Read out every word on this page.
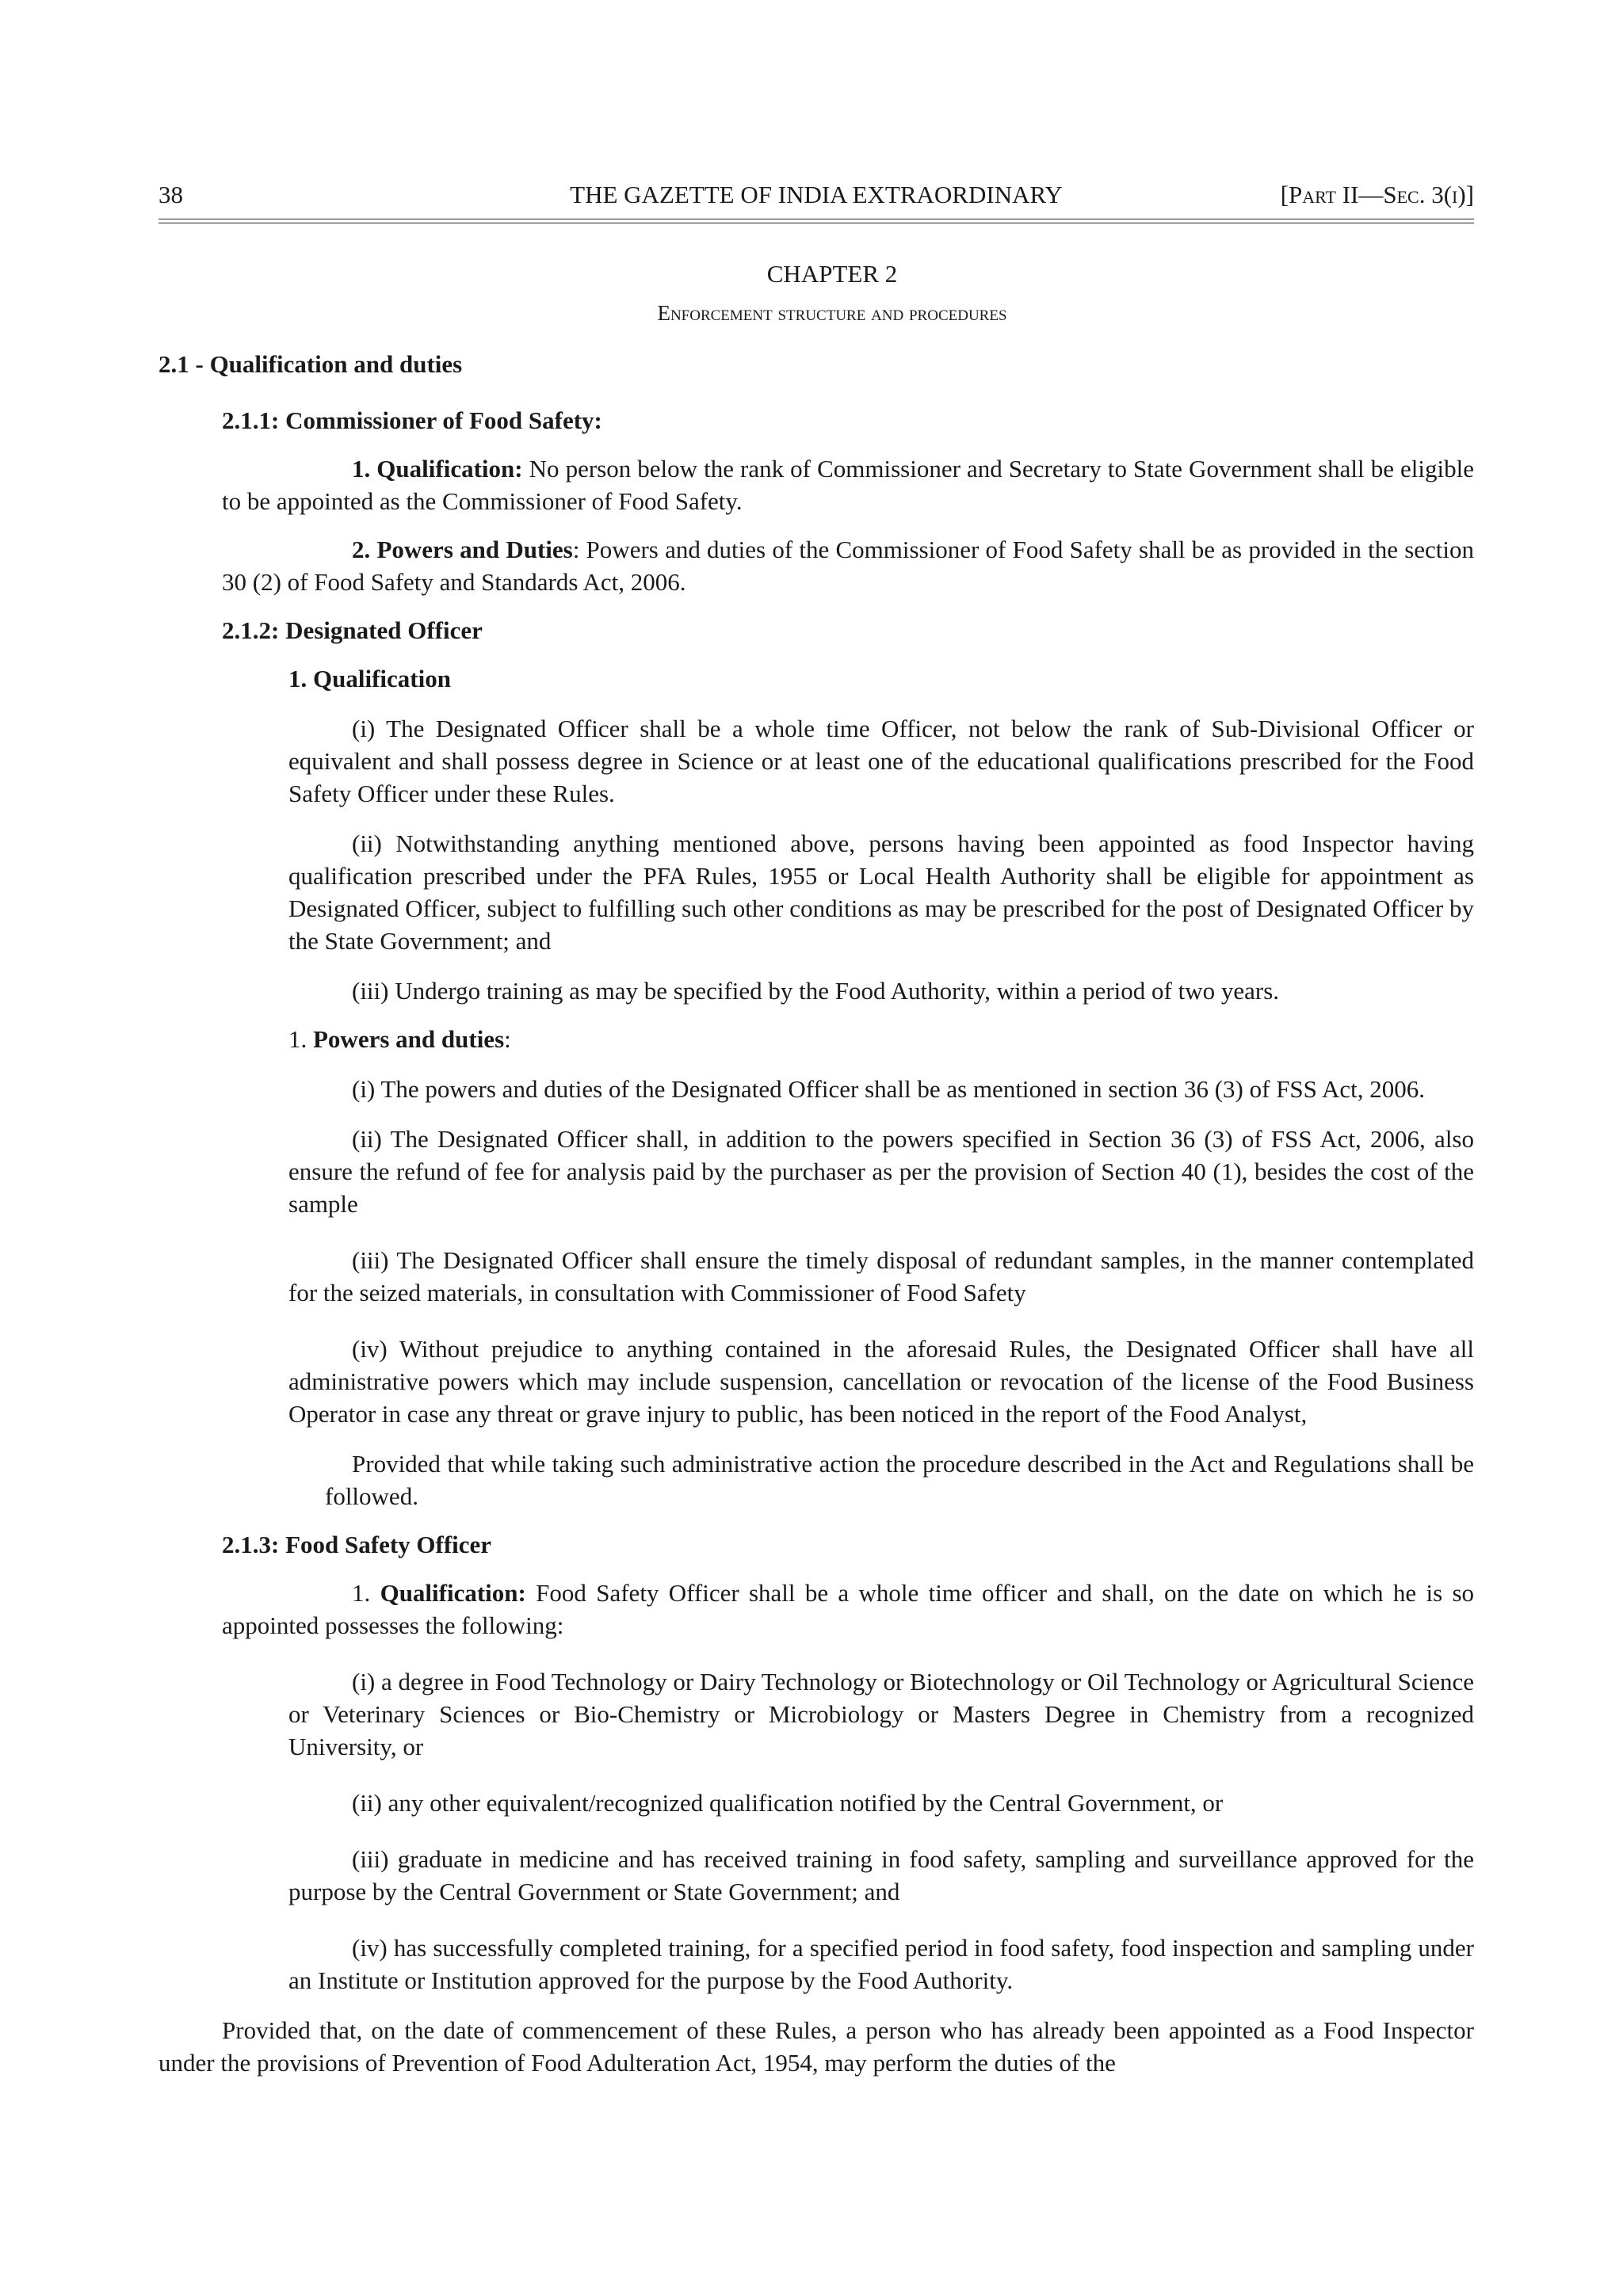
38	THE GAZETTE OF INDIA EXTRAORDINARY	[Part II—Sec. 3(i)]
CHAPTER 2
Enforcement structure and procedures

2.1 - Qualification and duties

2.1.1: Commissioner of Food Safety:

1. Qualification: No person below the rank of Commissioner and Secretary to State Government shall be eligible to be appointed as the Commissioner of Food Safety.

2. Powers and Duties: Powers and duties of the Commissioner of Food Safety shall be as provided in the section 30 (2) of Food Safety and Standards Act, 2006.

2.1.2: Designated Officer

1. Qualification

(i) The Designated Officer shall be a whole time Officer, not below the rank of Sub-Divisional Officer or equivalent and shall possess degree in Science or at least one of the educational qualifications prescribed for the Food Safety Officer under these Rules.

(ii) Notwithstanding anything mentioned above, persons having been appointed as food Inspector having qualification prescribed under the PFA Rules, 1955 or Local Health Authority shall be eligible for appointment as Designated Officer, subject to fulfilling such other conditions as may be prescribed for the post of Designated Officer by the State Government; and

(iii) Undergo training as may be specified by the Food Authority, within a period of two years.

1. Powers and duties:

(i) The powers and duties of the Designated Officer shall be as mentioned in section 36 (3) of FSS Act, 2006.

(ii) The Designated Officer shall, in addition to the powers specified in Section 36 (3) of FSS Act, 2006, also ensure the refund of fee for analysis paid by the purchaser as per the provision of Section 40 (1), besides the cost of the sample

(iii) The Designated Officer shall ensure the timely disposal of redundant samples, in the manner contemplated for the seized materials, in consultation with Commissioner of Food Safety

(iv) Without prejudice to anything contained in the aforesaid Rules, the Designated Officer shall have all administrative powers which may include suspension, cancellation or revocation of the license of the Food Business Operator in case any threat or grave injury to public, has been noticed in the report of the Food Analyst,

Provided that while taking such administrative action the procedure described in the Act and Regulations shall be followed.

2.1.3: Food Safety Officer

1. Qualification: Food Safety Officer shall be a whole time officer and shall, on the date on which he is so appointed possesses the following:

(i) a degree in Food Technology or Dairy Technology or Biotechnology or Oil Technology or Agricultural Science or Veterinary Sciences or Bio-Chemistry or Microbiology or Masters Degree in Chemistry from a recognized University, or

(ii) any other equivalent/recognized qualification notified by the Central Government, or

(iii) graduate in medicine and has received training in food safety, sampling and surveillance approved for the purpose by the Central Government or State Government; and

(iv) has successfully completed training, for a specified period in food safety, food inspection and sampling under an Institute or Institution approved for the purpose by the Food Authority.

Provided that, on the date of commencement of these Rules, a person who has already been appointed as a Food Inspector under the provisions of Prevention of Food Adulteration Act, 1954, may perform the duties of the
